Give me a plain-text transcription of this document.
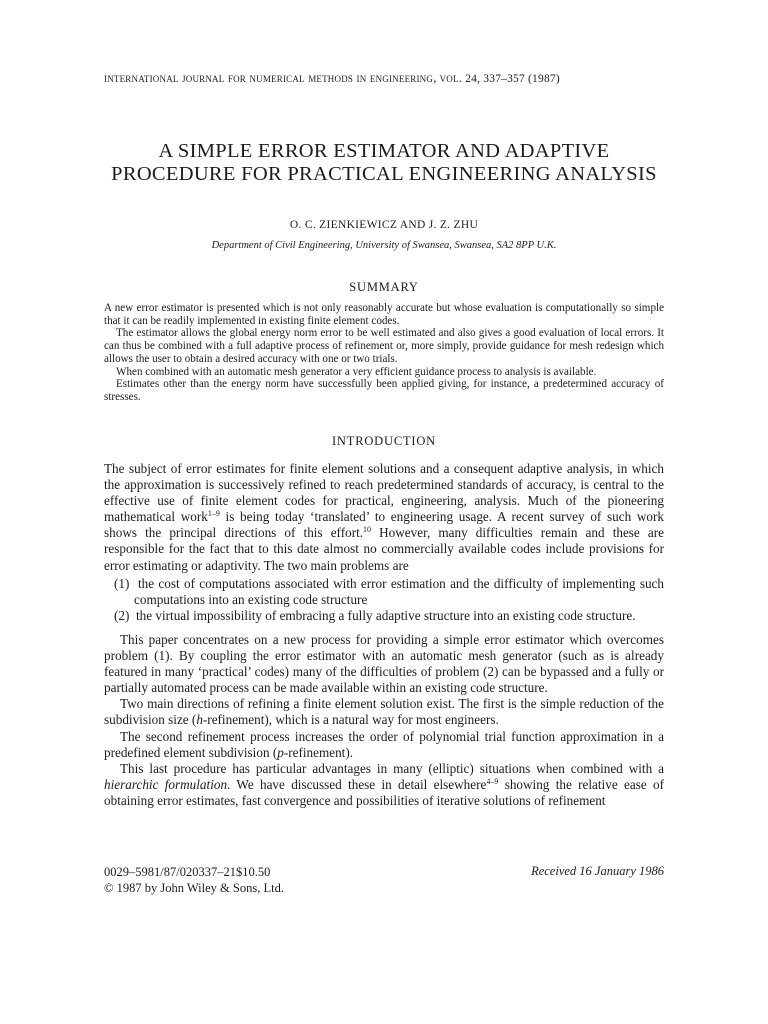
international journal for numerical methods in engineering, vol. 24, 337–357 (1987)
A SIMPLE ERROR ESTIMATOR AND ADAPTIVE
PROCEDURE FOR PRACTICAL ENGINEERING ANALYSIS
O. C. ZIENKIEWICZ AND J. Z. ZHU
Department of Civil Engineering, University of Swansea, Swansea, SA2 8PP U.K.
SUMMARY

A new error estimator is presented which is not only reasonably accurate but whose evaluation is computationally so simple that it can be readily implemented in existing finite element codes.

The estimator allows the global energy norm error to be well estimated and also gives a good evaluation of local errors. It can thus be combined with a full adaptive process of refinement or, more simply, provide guidance for mesh redesign which allows the user to obtain a desired accuracy with one or two trials.

When combined with an automatic mesh generator a very efficient guidance process to analysis is available.

Estimates other than the energy norm have successfully been applied giving, for instance, a predetermined accuracy of stresses.

INTRODUCTION

The subject of error estimates for finite element solutions and a consequent adaptive analysis, in which the approximation is successively refined to reach predetermined standards of accuracy, is central to the effective use of finite element codes for practical, engineering, analysis. Much of the pioneering mathematical work$^{1-9}$ is being today ‘translated’ to engineering usage. A recent survey of such work shows the principal directions of this effort.$^{10}$ However, many difficulties remain and these are responsible for the fact that to this date almost no commercially available codes include provisions for error estimating or adaptivity. The two main problems are

(1) the cost of computations associated with error estimation and the difficulty of implementing such computations into an existing code structure
(2) the virtual impossibility of embracing a fully adaptive structure into an existing code structure.

This paper concentrates on a new process for providing a simple error estimator which overcomes problem (1). By coupling the error estimator with an automatic mesh generator (such as is already featured in many ‘practical’ codes) many of the difficulties of problem (2) can be bypassed and a fully or partially automated process can be made available within an existing code structure.

Two main directions of refining a finite element solution exist. The first is the simple reduction of the subdivision size (h-refinement), which is a natural way for most engineers.

The second refinement process increases the order of polynomial trial function approximation in a predefined element subdivision (p-refinement).

This last procedure has particular advantages in many (elliptic) situations when combined with a hierarchic formulation. We have discussed these in detail elsewhere$^{4-9}$ showing the relative ease of obtaining error estimates, fast convergence and possibilities of iterative solutions of refinement

0029–5981/87/020337–21$10.50
© 1987 by John Wiley & Sons, Ltd.
Received 16 January 1986
